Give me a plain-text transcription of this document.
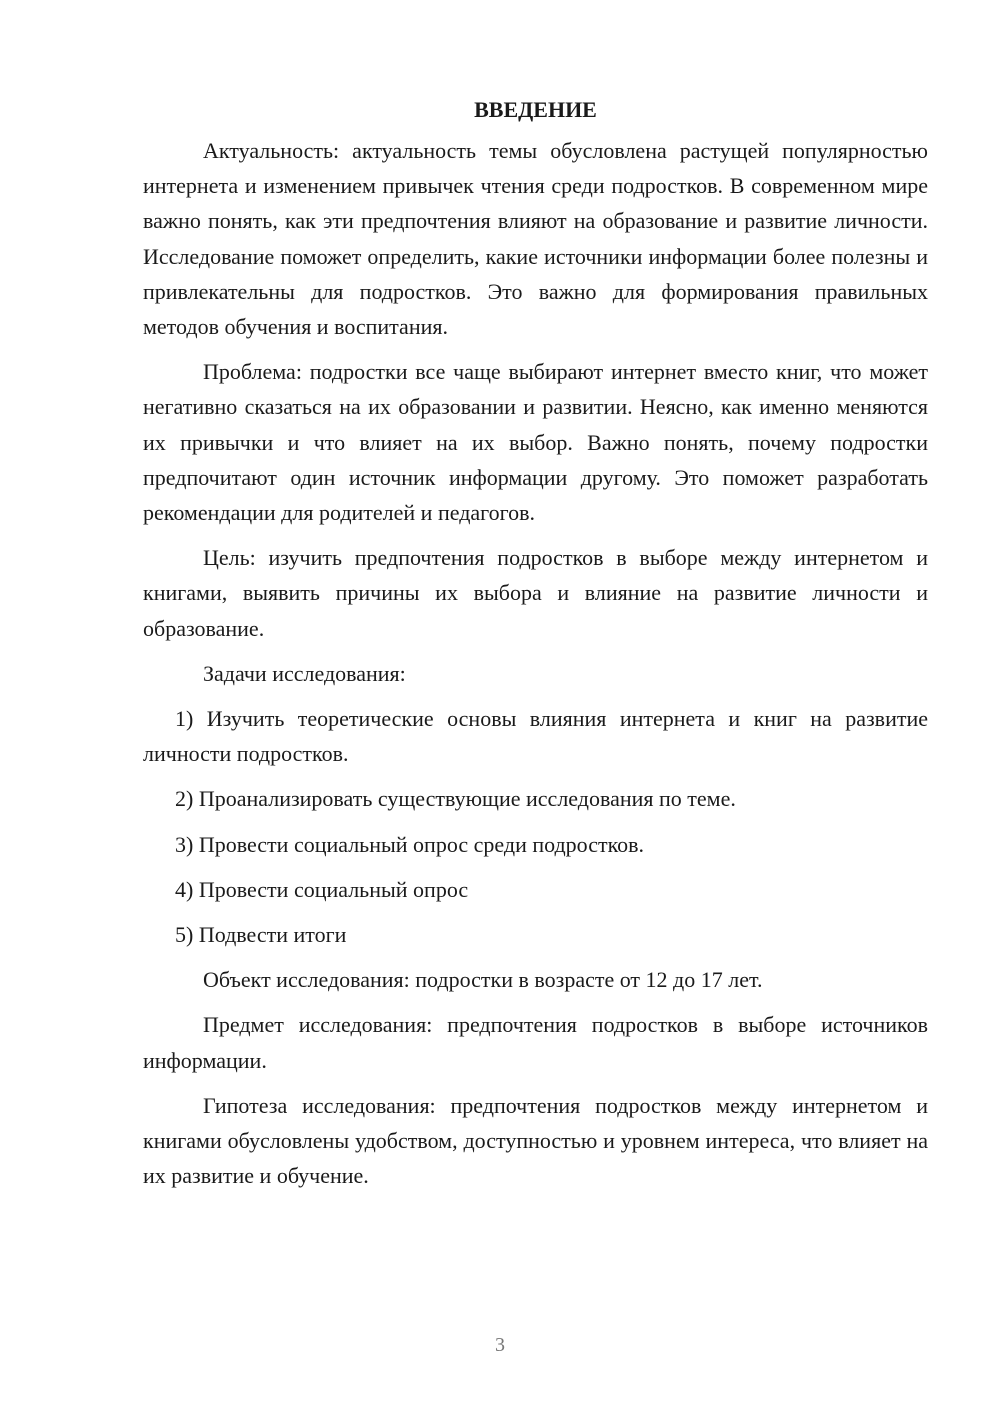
ВВЕДЕНИЕ

Актуальность: актуальность темы обусловлена растущей популярностью интернета и изменением привычек чтения среди подростков. В современном мире важно понять, как эти предпочтения влияют на образование и развитие личности. Исследование поможет определить, какие источники информации более полезны и привлекательны для подростков. Это важно для формирования правильных методов обучения и воспитания.

Проблема: подростки все чаще выбирают интернет вместо книг, что может негативно сказаться на их образовании и развитии. Неясно, как именно меняются их привычки и что влияет на их выбор. Важно понять, почему подростки предпочитают один источник информации другому. Это поможет разработать рекомендации для родителей и педагогов.

Цель: изучить предпочтения подростков в выборе между интернетом и книгами, выявить причины их выбора и влияние на развитие личности и образование.

Задачи исследования:

1) Изучить теоретические основы влияния интернета и книг на развитие личности подростков.

2) Проанализировать существующие исследования по теме.

3) Провести социальный опрос среди подростков.

4) Провести социальный опрос

5) Подвести итоги

Объект исследования: подростки в возрасте от 12 до 17 лет.

Предмет исследования: предпочтения подростков в выборе источников информации.

Гипотеза исследования: предпочтения подростков между интернетом и книгами обусловлены удобством, доступностью и уровнем интереса, что влияет на их развитие и обучение.

3
